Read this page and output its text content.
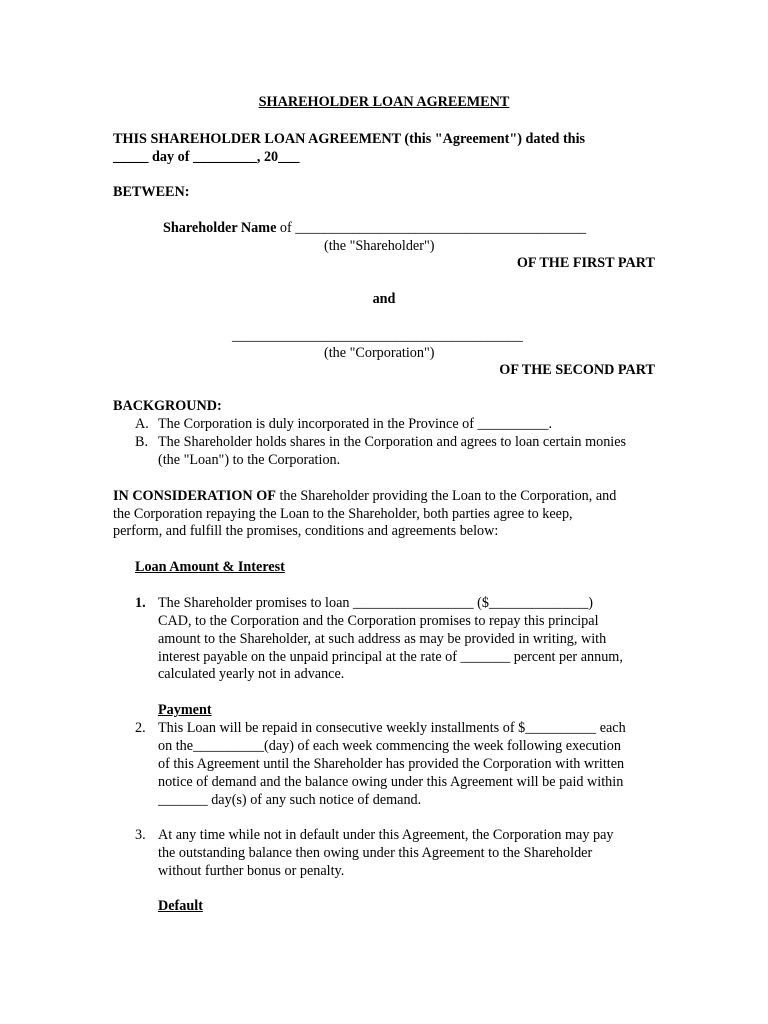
SHAREHOLDER LOAN AGREEMENT
THIS SHAREHOLDER LOAN AGREEMENT (this "Agreement") dated this
_____ day of _________, 20___
BETWEEN:
Shareholder Name of _________________________________________
(the "Shareholder")
OF THE FIRST PART
and
_________________________________________
(the "Corporation")
OF THE SECOND PART
BACKGROUND:
A. The Corporation is duly incorporated in the Province of __________.
B. The Shareholder holds shares in the Corporation and agrees to loan certain monies
(the "Loan") to the Corporation.
IN CONSIDERATION OF the Shareholder providing the Loan to the Corporation, and
the Corporation repaying the Loan to the Shareholder, both parties agree to keep,
perform, and fulfill the promises, conditions and agreements below:
Loan Amount & Interest
1. The Shareholder promises to loan _________________ ($______________)
CAD, to the Corporation and the Corporation promises to repay this principal
amount to the Shareholder, at such address as may be provided in writing, with
interest payable on the unpaid principal at the rate of _______ percent per annum,
calculated yearly not in advance.
Payment
2. This Loan will be repaid in consecutive weekly installments of $__________ each
on the__________(day) of each week commencing the week following execution
of this Agreement until the Shareholder has provided the Corporation with written
notice of demand and the balance owing under this Agreement will be paid within
_______ day(s) of any such notice of demand.
3. At any time while not in default under this Agreement, the Corporation may pay
the outstanding balance then owing under this Agreement to the Shareholder
without further bonus or penalty.
Default
